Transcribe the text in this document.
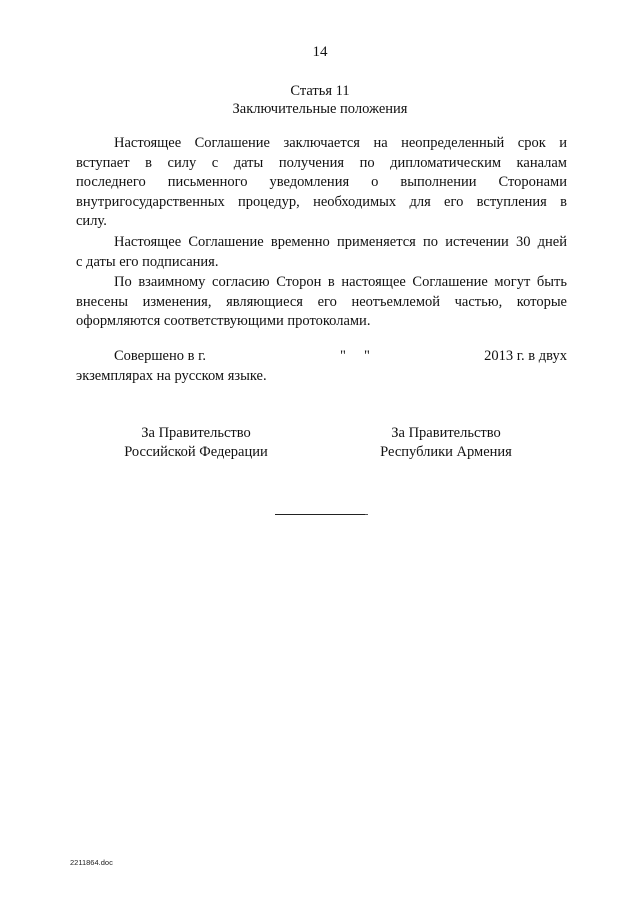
14
Статья 11
Заключительные положения

Настоящее Соглашение заключается на неопределенный срок и
вступает в силу с даты получения по дипломатическим каналам
последнего письменного уведомления о выполнении Сторонами
внутригосударственных процедур, необходимых для его вступления в
силу.

Настоящее Соглашение временно применяется по истечении 30 дней
с даты его подписания.

По взаимному согласию Сторон в настоящее Соглашение могут быть
внесены изменения, являющиеся его неотъемлемой частью, которые
оформляются соответствующими протоколами.

Совершено в г.	"     "	2013 г. в двух
экземплярах на русском языке.
За Правительство
Российской Федерации
За Правительство
Республики Армения
2211864.doc
